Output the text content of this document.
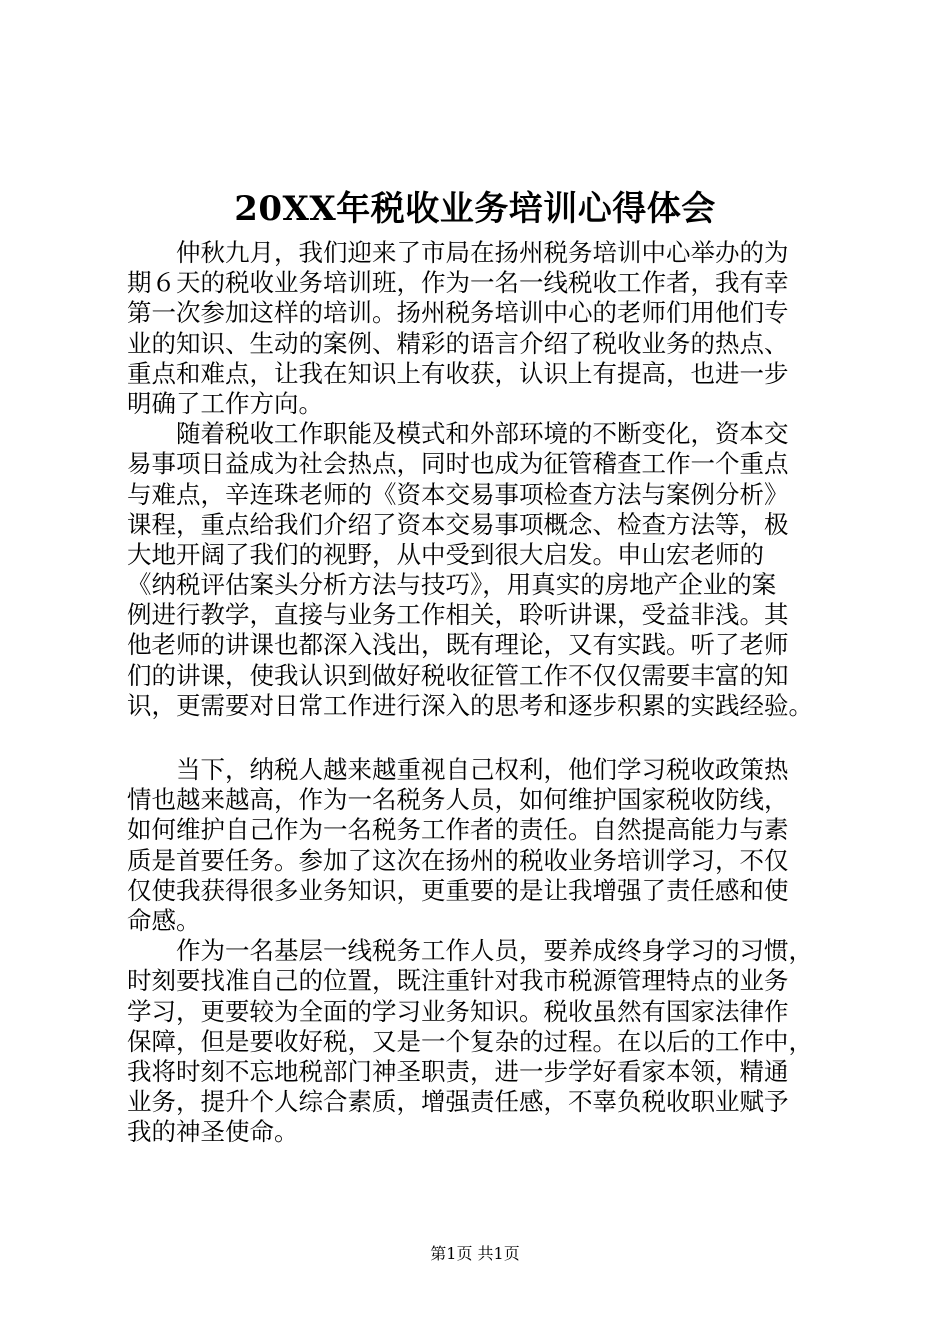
20XX年税收业务培训心得体会
　　仲秋九月，我们迎来了市局在扬州税务培训中心举办的为
期６天的税收业务培训班，作为一名一线税收工作者，我有幸
第一次参加这样的培训。扬州税务培训中心的老师们用他们专
业的知识、生动的案例、精彩的语言介绍了税收业务的热点、
重点和难点，让我在知识上有收获，认识上有提高，也进一步
明确了工作方向。
　　随着税收工作职能及模式和外部环境的不断变化，资本交
易事项日益成为社会热点，同时也成为征管稽查工作一个重点
与难点，辛连珠老师的《资本交易事项检查方法与案例分析》
课程，重点给我们介绍了资本交易事项概念、检查方法等，极
大地开阔了我们的视野，从中受到很大启发。申山宏老师的
《纳税评估案头分析方法与技巧》，用真实的房地产企业的案
例进行教学，直接与业务工作相关，聆听讲课，受益非浅。其
他老师的讲课也都深入浅出，既有理论，又有实践。听了老师
们的讲课，使我认识到做好税收征管工作不仅仅需要丰富的知
识，更需要对日常工作进行深入的思考和逐步积累的实践经验。
　　当下，纳税人越来越重视自己权利，他们学习税收政策热
情也越来越高，作为一名税务人员，如何维护国家税收防线，
如何维护自己作为一名税务工作者的责任。自然提高能力与素
质是首要任务。参加了这次在扬州的税收业务培训学习，不仅
仅使我获得很多业务知识，更重要的是让我增强了责任感和使
命感。
　　作为一名基层一线税务工作人员，要养成终身学习的习惯，
时刻要找准自己的位置，既注重针对我市税源管理特点的业务
学习，更要较为全面的学习业务知识。税收虽然有国家法律作
保障，但是要收好税，又是一个复杂的过程。在以后的工作中，
我将时刻不忘地税部门神圣职责，进一步学好看家本领，精通
业务，提升个人综合素质，增强责任感，不辜负税收职业赋予
我的神圣使命。
第1页 共1页
